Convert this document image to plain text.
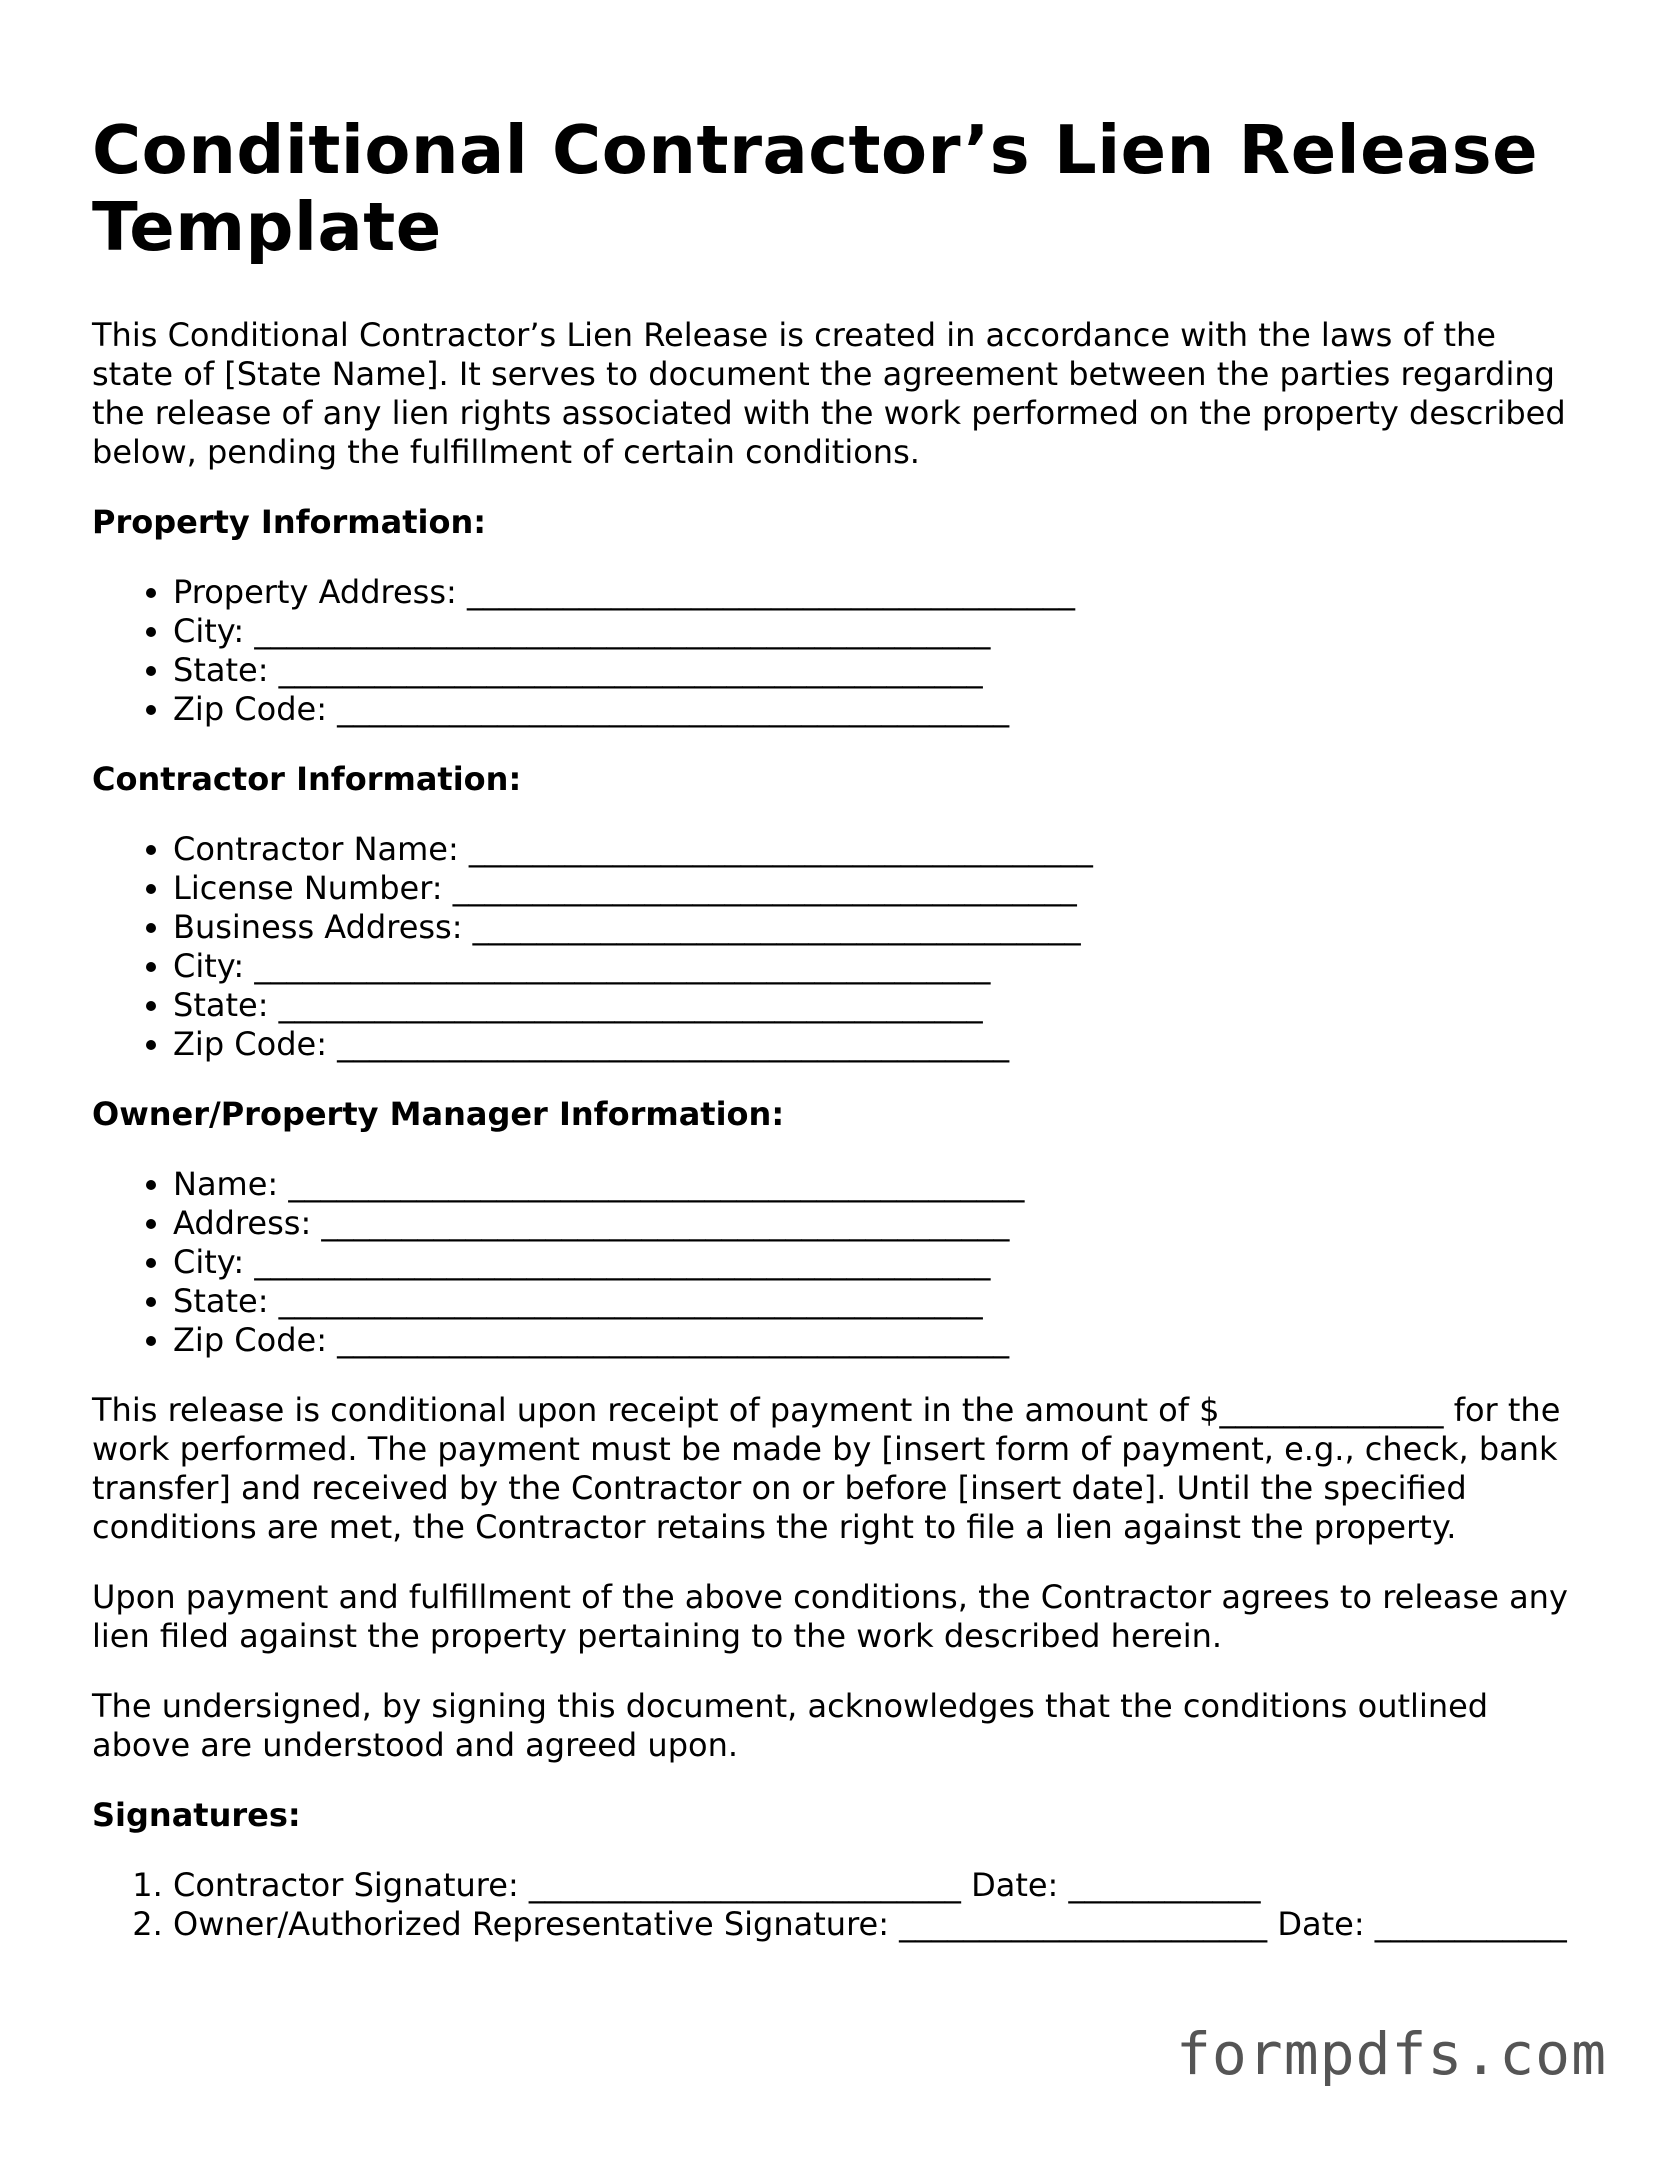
Conditional Contractor’s Lien Release Template

This Conditional Contractor’s Lien Release is created in accordance with the laws of the state of [State Name]. It serves to document the agreement between the parties regarding the release of any lien rights associated with the work performed on the property described below, pending the fulfillment of certain conditions.

Property Information:
• Property Address: ______________________________________
• City: ______________________________________________
• State: ____________________________________________
• Zip Code: __________________________________________
Contractor Information:
• Contractor Name: _______________________________________
• License Number: _______________________________________
• Business Address: ______________________________________
• City: ______________________________________________
• State: ____________________________________________
• Zip Code: __________________________________________
Owner/Property Manager Information:
• Name: ______________________________________________
• Address: ___________________________________________
• City: ______________________________________________
• State: ____________________________________________
• Zip Code: __________________________________________

This release is conditional upon receipt of payment in the amount of $______________ for the work performed. The payment must be made by [insert form of payment, e.g., check, bank transfer] and received by the Contractor on or before [insert date]. Until the specified conditions are met, the Contractor retains the right to file a lien against the property.

Upon payment and fulfillment of the above conditions, the Contractor agrees to release any lien filed against the property pertaining to the work described herein.

The undersigned, by signing this document, acknowledges that the conditions outlined above are understood and agreed upon.

Signatures:
1. Contractor Signature: ___________________________ Date: ____________
2. Owner/Authorized Representative Signature: _______________________ Date: ____________
formpdfs.com
